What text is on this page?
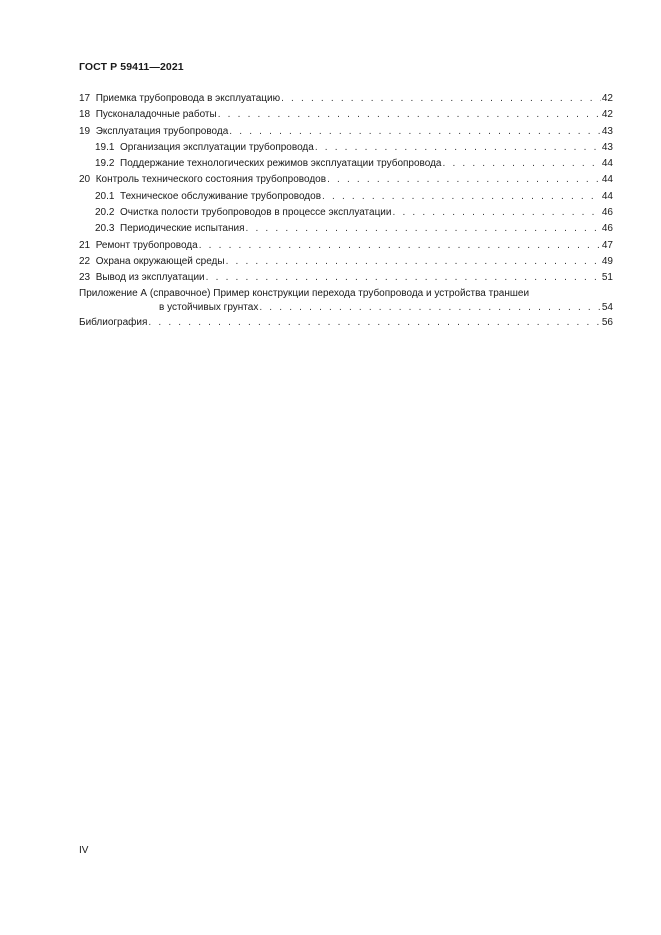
ГОСТ Р 59411—2021
17 Приемка трубопровода в эксплуатацию . . .	42
18 Пусконаладочные работы . . .	42
19 Эксплуатация трубопровода . . .	43
19.1 Организация эксплуатации трубопровода . . .	43
19.2 Поддержание технологических режимов эксплуатации трубопровода . . .	44
20 Контроль технического состояния трубопроводов . . .	44
20.1 Техническое обслуживание трубопроводов . . .	44
20.2 Очистка полости трубопроводов в процессе эксплуатации . . .	46
20.3 Периодические испытания . . .	46
21 Ремонт трубопровода . . .	47
22 Охрана окружающей среды . . .	49
23 Вывод из эксплуатации . . .	51
Приложение А (справочное) Пример конструкции перехода трубопровода и устройства траншеи
в устойчивых грунтах . . .	54
Библиография . . .	56
IV
